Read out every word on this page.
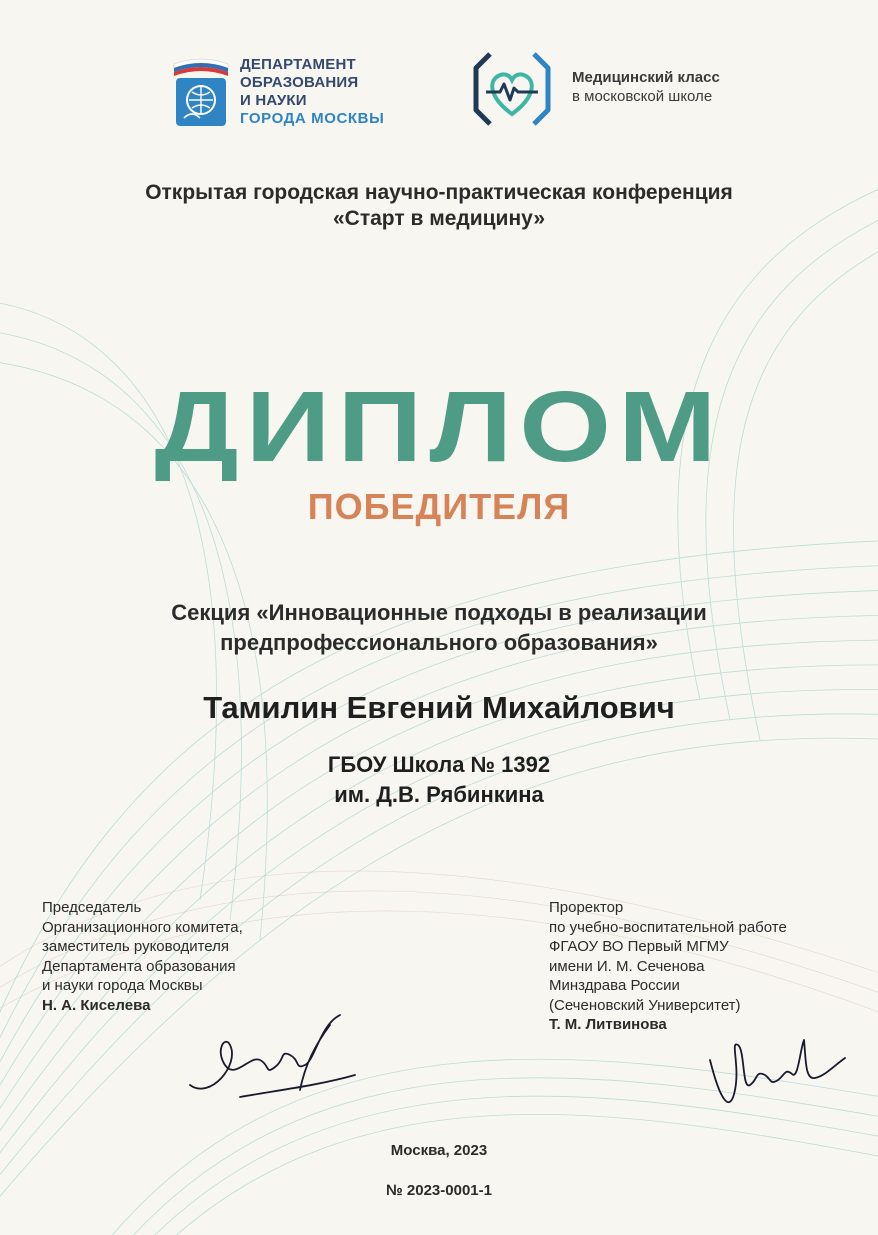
ДЕПАРТАМЕНТ
ОБРАЗОВАНИЯ
И НАУКИ
ГОРОДА МОСКВЫ
Медицинский класс
в московской школе
Открытая городская научно-практическая конференция
«Старт в медицину»
ДИПЛОМ
ПОБЕДИТЕЛЯ
Секция «Инновационные подходы в реализации
предпрофессионального образования»
Тамилин Евгений Михайлович
ГБОУ Школа № 1392
им. Д.В. Рябинкина
Председатель
Организационного комитета,
заместитель руководителя
Департамента образования
и науки города Москвы
Н. А. Киселева
Проректор
по учебно-воспитательной работе
ФГАОУ ВО Первый МГМУ
имени И. М. Сеченова
Минздрава России
(Сеченовский Университет)
Т. М. Литвинова
Москва, 2023
№ 2023-0001-1
